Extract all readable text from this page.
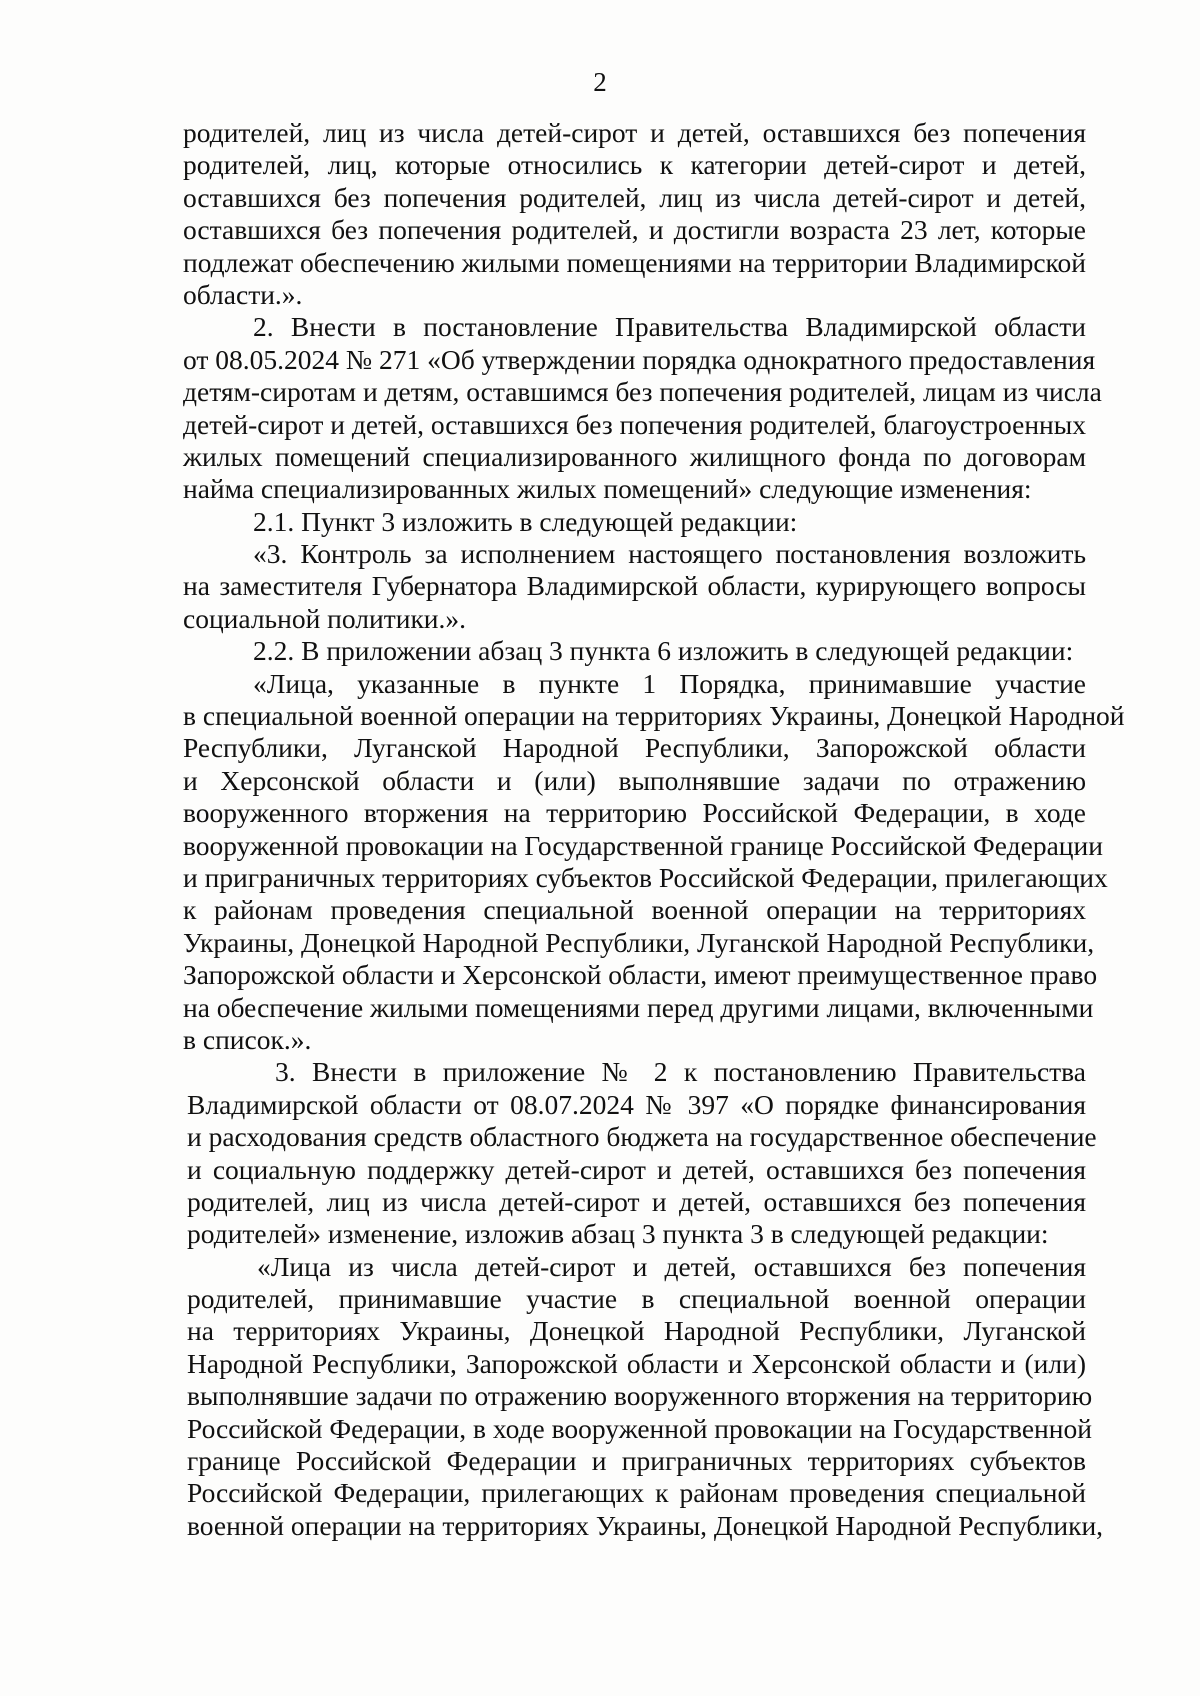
2
родителей, лиц из числа детей-сирот и детей, оставшихся без попечения
родителей, лиц, которые относились к категории детей-сирот и детей,
оставшихся без попечения родителей, лиц из числа детей-сирот и детей,
оставшихся без попечения родителей, и достигли возраста 23 лет, которые
подлежат обеспечению жилыми помещениями на территории Владимирской
области.».
2. Внести в постановление Правительства Владимирской области
от 08.05.2024 № 271 «Об утверждении порядка однократного предоставления
детям-сиротам и детям, оставшимся без попечения родителей, лицам из числа
детей-сирот и детей, оставшихся без попечения родителей, благоустроенных
жилых помещений специализированного жилищного фонда по договорам
найма специализированных жилых помещений» следующие изменения:
2.1. Пункт 3 изложить в следующей редакции:
«3. Контроль за исполнением настоящего постановления возложить
на заместителя Губернатора Владимирской области, курирующего вопросы
социальной политики.».
2.2. В приложении абзац 3 пункта 6 изложить в следующей редакции:
«Лица, указанные в пункте 1 Порядка, принимавшие участие
в специальной военной операции на территориях Украины, Донецкой Народной
Республики, Луганской Народной Республики, Запорожской области
и Херсонской области и (или) выполнявшие задачи по отражению
вооруженного вторжения на территорию Российской Федерации, в ходе
вооруженной провокации на Государственной границе Российской Федерации
и приграничных территориях субъектов Российской Федерации, прилегающих
к районам проведения специальной военной операции на территориях
Украины, Донецкой Народной Республики, Луганской Народной Республики,
Запорожской области и Херсонской области, имеют преимущественное право
на обеспечение жилыми помещениями перед другими лицами, включенными
в список.».
3. Внести в приложение № 2 к постановлению Правительства
Владимирской области от 08.07.2024 № 397 «О порядке финансирования
и расходования средств областного бюджета на государственное обеспечение
и социальную поддержку детей-сирот и детей, оставшихся без попечения
родителей, лиц из числа детей-сирот и детей, оставшихся без попечения
родителей» изменение, изложив абзац 3 пункта 3 в следующей редакции:
«Лица из числа детей-сирот и детей, оставшихся без попечения
родителей, принимавшие участие в специальной военной операции
на территориях Украины, Донецкой Народной Республики, Луганской
Народной Республики, Запорожской области и Херсонской области и (или)
выполнявшие задачи по отражению вооруженного вторжения на территорию
Российской Федерации, в ходе вооруженной провокации на Государственной
границе Российской Федерации и приграничных территориях субъектов
Российской Федерации, прилегающих к районам проведения специальной
военной операции на территориях Украины, Донецкой Народной Республики,
